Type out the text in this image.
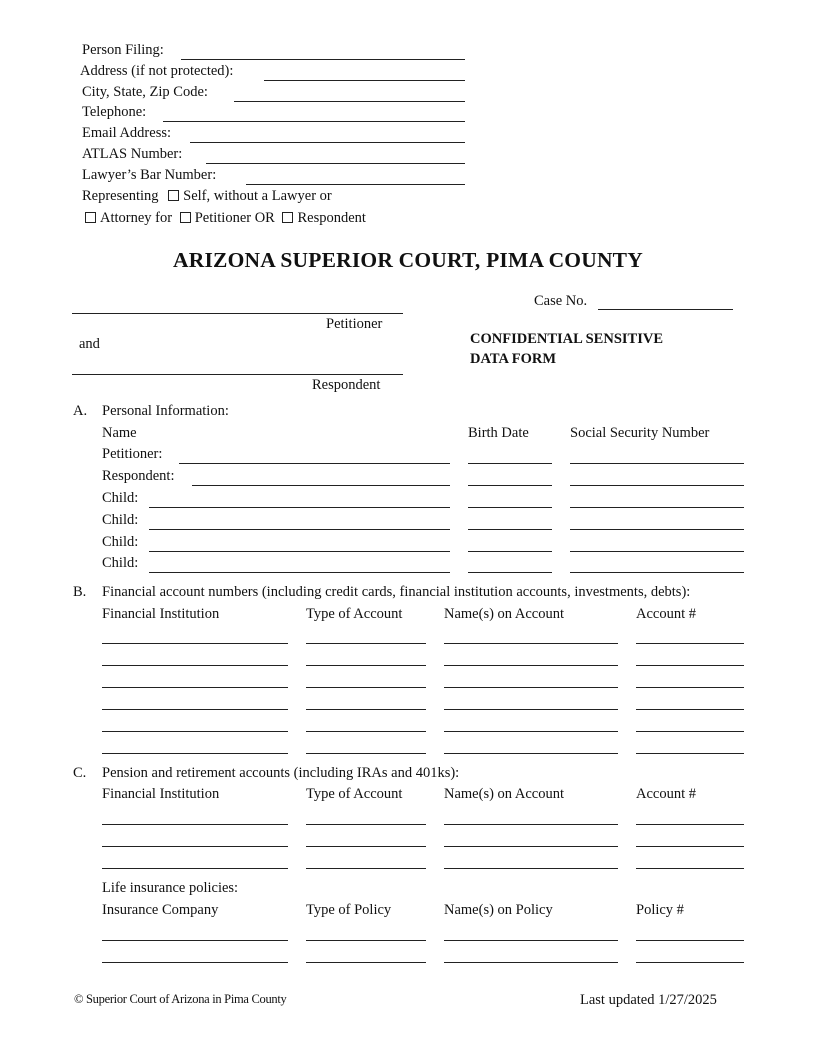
Person Filing:
Address (if not protected):
City, State, Zip Code:
Telephone:
Email Address:
ATLAS Number:
Lawyer’s Bar Number:
Representing Self, without a Lawyer or
Attorney for Petitioner OR Respondent
ARIZONA SUPERIOR COURT, PIMA COUNTY
Case No.
Petitioner
and
Respondent
CONFIDENTIAL SENSITIVE
DATA FORM
A. Personal Information:
Name	Birth Date	Social Security Number
Petitioner:
Respondent:
Child:
Child:
Child:
Child:
B. Financial account numbers (including credit cards, financial institution accounts, investments, debts):
Financial Institution	Type of Account	Name(s) on Account	Account #
C. Pension and retirement accounts (including IRAs and 401ks):
Financial Institution	Type of Account	Name(s) on Account	Account #
Life insurance policies:
Insurance Company	Type of Policy	Name(s) on Policy	Policy #
© Superior Court of Arizona in Pima County	Last updated 1/27/2025
